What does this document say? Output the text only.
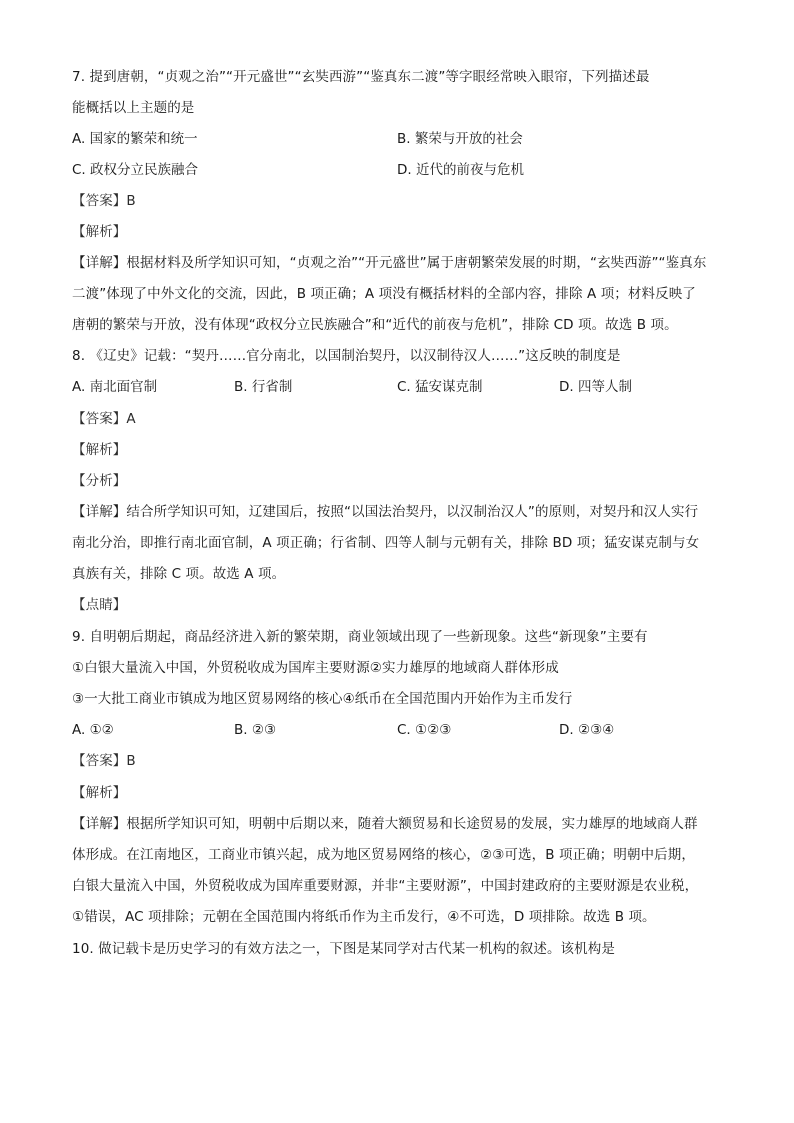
7. 提到唐朝，“贞观之治”“开元盛世”“玄奘西游”“鉴真东二渡”等字眼经常映入眼帘，下列描述最
能概括以上主题的是
A. 国家的繁荣和统一	B. 繁荣与开放的社会
C. 政权分立民族融合	D. 近代的前夜与危机
【答案】B
【解析】
【详解】根据材料及所学知识可知，“贞观之治”“开元盛世”属于唐朝繁荣发展的时期，“玄奘西游”“鉴真东
二渡”体现了中外文化的交流，因此，B 项正确；A 项没有概括材料的全部内容，排除 A 项；材料反映了
唐朝的繁荣与开放，没有体现“政权分立民族融合”和“近代的前夜与危机”，排除 CD 项。故选 B 项。
8. 《辽史》记载：“契丹……官分南北，以国制治契丹，以汉制待汉人……”这反映的制度是
A. 南北面官制	B. 行省制	C. 猛安谋克制	D. 四等人制
【答案】A
【解析】
【分析】
【详解】结合所学知识可知，辽建国后，按照“以国法治契丹，以汉制治汉人”的原则，对契丹和汉人实行
南北分治，即推行南北面官制，A 项正确；行省制、四等人制与元朝有关，排除 BD 项；猛安谋克制与女
真族有关，排除 C 项。故选 A 项。
【点睛】
9. 自明朝后期起，商品经济进入新的繁荣期，商业领域出现了一些新现象。这些“新现象”主要有
①白银大量流入中国，外贸税收成为国库主要财源②实力雄厚的地域商人群体形成
③一大批工商业市镇成为地区贸易网络的核心④纸币在全国范围内开始作为主币发行
A. ①②	B. ②③	C. ①②③	D. ②③④
【答案】B
【解析】
【详解】根据所学知识可知，明朝中后期以来，随着大额贸易和长途贸易的发展，实力雄厚的地域商人群
体形成。在江南地区，工商业市镇兴起，成为地区贸易网络的核心，②③可选，B 项正确；明朝中后期，
白银大量流入中国，外贸税收成为国库重要财源，并非“主要财源”，中国封建政府的主要财源是农业税，
①错误，AC 项排除；元朝在全国范围内将纸币作为主币发行，④不可选，D 项排除。故选 B 项。
10. 做记载卡是历史学习的有效方法之一，下图是某同学对古代某一机构的叙述。该机构是
